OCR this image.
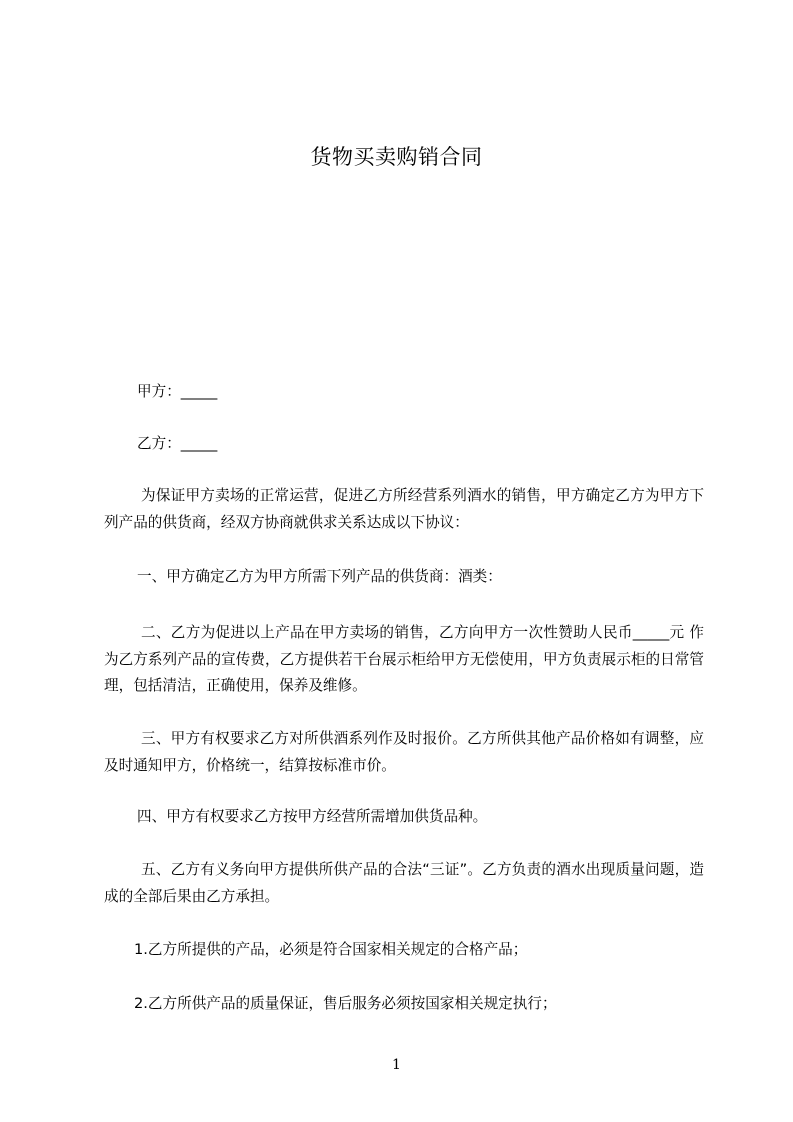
货物买卖购销合同

甲方：_____

乙方：_____

为保证甲方卖场的正常运营，促进乙方所经营系列酒水的销售，甲方确定乙方为甲方下列产品的供货商，经双方协商就供求关系达成以下协议：

一、甲方确定乙方为甲方所需下列产品的供货商：酒类：

二、乙方为促进以上产品在甲方卖场的销售，乙方向甲方一次性赞助人民币_____元 作为乙方系列产品的宣传费，乙方提供若干台展示柜给甲方无偿使用，甲方负责展示柜的日常管理，包括清洁，正确使用，保养及维修。

三、甲方有权要求乙方对所供酒系列作及时报价。乙方所供其他产品价格如有调整，应及时通知甲方，价格统一，结算按标准市价。

四、甲方有权要求乙方按甲方经营所需增加供货品种。

五、乙方有义务向甲方提供所供产品的合法“三证”。乙方负责的酒水出现质量问题，造成的全部后果由乙方承担。

1.乙方所提供的产品，必须是符合国家相关规定的合格产品；

2.乙方所供产品的质量保证，售后服务必须按国家相关规定执行；

1
